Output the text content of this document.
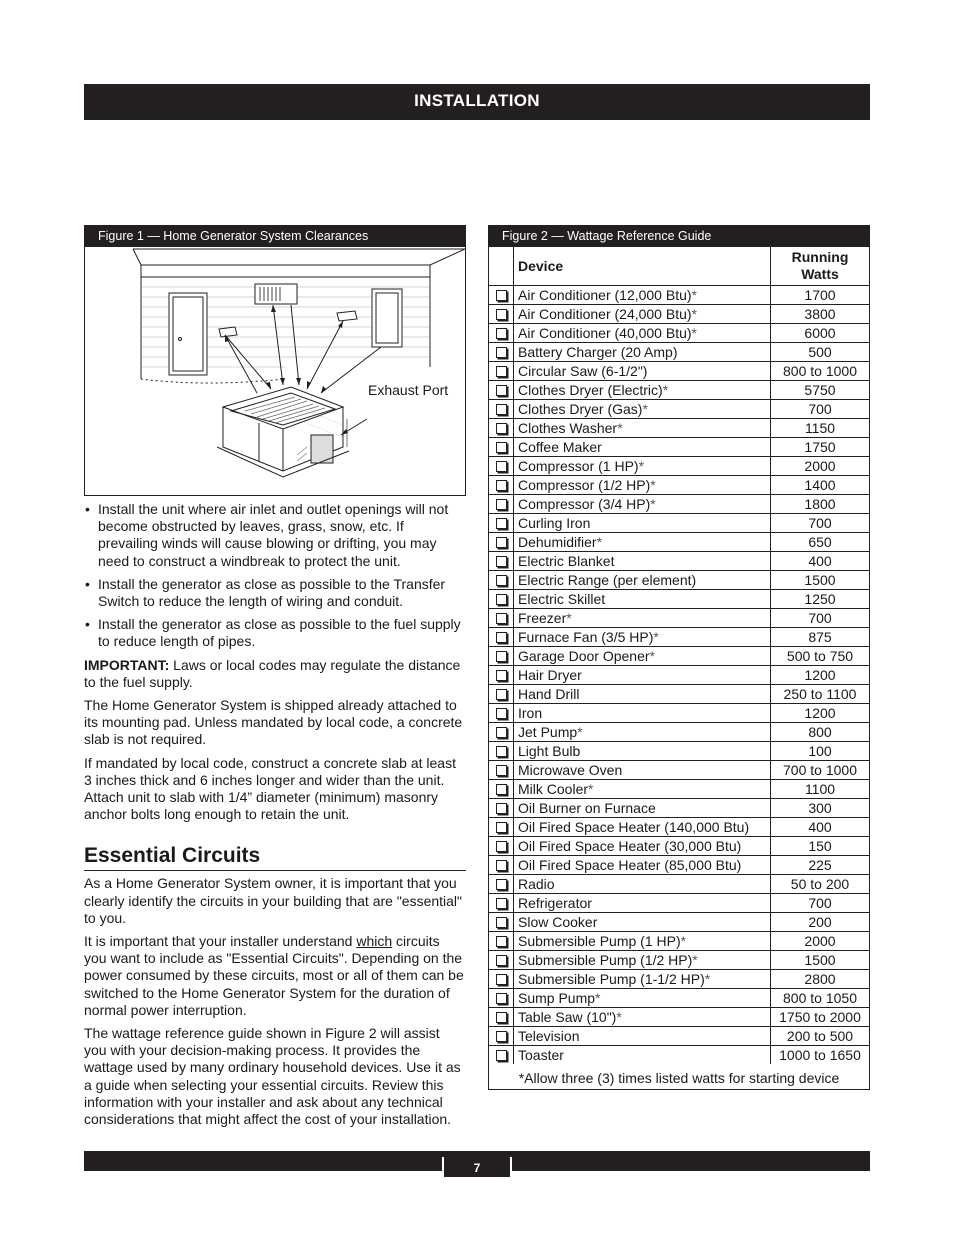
INSTALLATION
Figure 1 — Home Generator System Clearances
Exhaust Port
• Install the unit where air inlet and outlet openings will not become obstructed by leaves, grass, snow, etc. If prevailing winds will cause blowing or drifting, you may need to construct a windbreak to protect the unit.
• Install the generator as close as possible to the Transfer Switch to reduce the length of wiring and conduit.
• Install the generator as close as possible to the fuel supply to reduce length of pipes.

IMPORTANT: Laws or local codes may regulate the distance to the fuel supply.

The Home Generator System is shipped already attached to its mounting pad. Unless mandated by local code, a concrete slab is not required.

If mandated by local code, construct a concrete slab at least 3 inches thick and 6 inches longer and wider than the unit. Attach unit to slab with 1/4” diameter (minimum) masonry anchor bolts long enough to retain the unit.

Essential Circuits

As a Home Generator System owner, it is important that you clearly identify the circuits in your building that are "essential" to you.

It is important that your installer understand which circuits you want to include as "Essential Circuits". Depending on the power consumed by these circuits, most or all of them can be switched to the Home Generator System for the duration of normal power interruption.

The wattage reference guide shown in Figure 2 will assist you with your decision-making process. It provides the wattage used by many ordinary household devices. Use it as a guide when selecting your essential circuits. Review this information with your installer and ask about any technical considerations that might affect the cost of your installation.

Figure 2 — Wattage Reference Guide
	Device	Running
Watts
	Air Conditioner (12,000 Btu)*	1700
	Air Conditioner (24,000 Btu)*	3800
	Air Conditioner (40,000 Btu)*	6000
	Battery Charger (20 Amp)	500
	Circular Saw (6-1/2")	800 to 1000
	Clothes Dryer (Electric)*	5750
	Clothes Dryer (Gas)*	700
	Clothes Washer*	1150
	Coffee Maker	1750
	Compressor (1 HP)*	2000
	Compressor (1/2 HP)*	1400
	Compressor (3/4 HP)*	1800
	Curling Iron	700
	Dehumidifier*	650
	Electric Blanket	400
	Electric Range (per element)	1500
	Electric Skillet	1250
	Freezer*	700
	Furnace Fan (3/5 HP)*	875
	Garage Door Opener*	500 to 750
	Hair Dryer	1200
	Hand Drill	250 to 1100
	Iron	1200
	Jet Pump*	800
	Light Bulb	100
	Microwave Oven	700 to 1000
	Milk Cooler*	1100
	Oil Burner on Furnace	300
	Oil Fired Space Heater (140,000 Btu)	400
	Oil Fired Space Heater (30,000 Btu)	150
	Oil Fired Space Heater (85,000 Btu)	225
	Radio	50 to 200
	Refrigerator	700
	Slow Cooker	200
	Submersible Pump (1 HP)*	2000
	Submersible Pump (1/2 HP)*	1500
	Submersible Pump (1-1/2 HP)*	2800
	Sump Pump*	800 to 1050
	Table Saw (10")*	1750 to 2000
	Television	200 to 500
	Toaster	1000 to 1650
*Allow three (3) times listed watts for starting device
7
